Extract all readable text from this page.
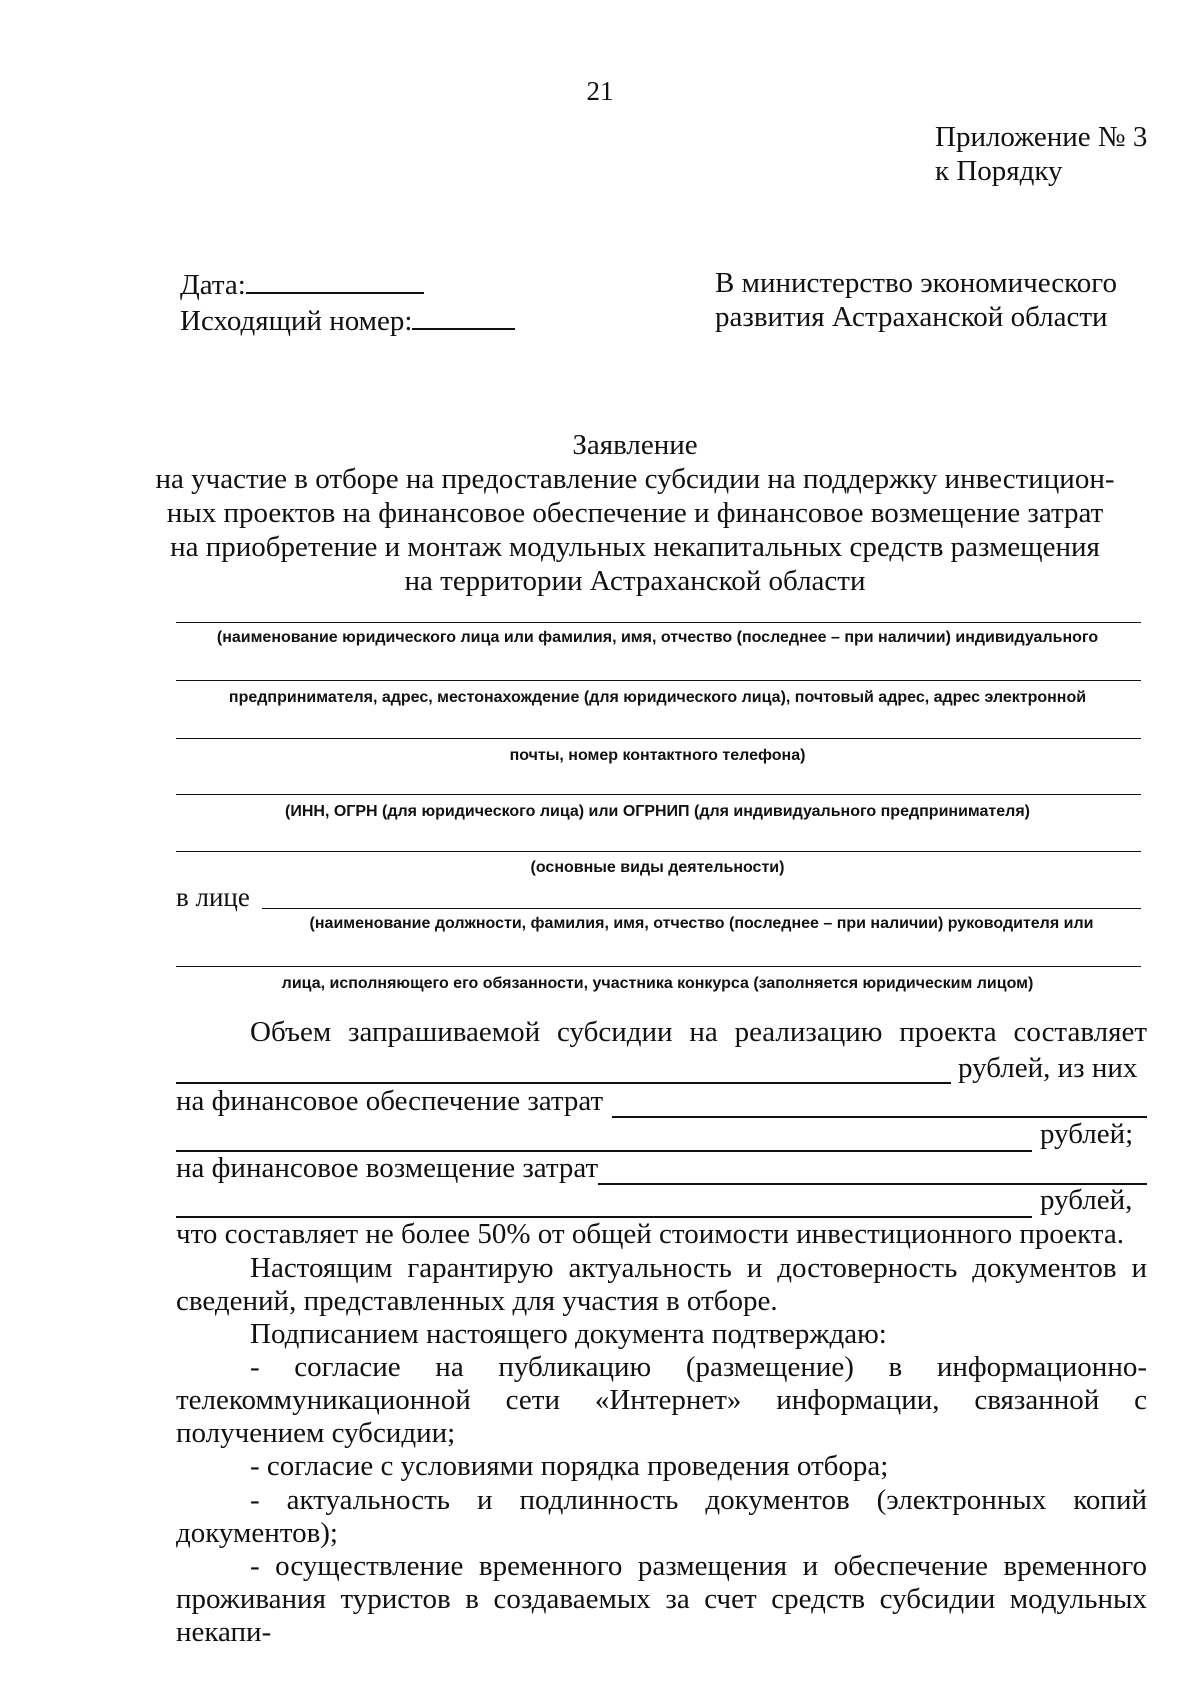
21
Приложение № 3
к Порядку
Дата:
Исходящий номер:
В министерство экономического
развития Астраханской области
Заявление
на участие в отборе на предоставление субсидии на поддержку инвестицион-
ных проектов на финансовое обеспечение и финансовое возмещение затрат
на приобретение и монтаж модульных некапитальных средств размещения
на территории Астраханской области
(наименование юридического лица или фамилия, имя, отчество (последнее – при наличии) индивидуального
предпринимателя, адрес, местонахождение (для юридического лица), почтовый адрес, адрес электронной
почты, номер контактного телефона)
(ИНН, ОГРН (для юридического лица) или ОГРНИП (для индивидуального предпринимателя)
(основные виды деятельности)
в лице
(наименование должности, фамилия, имя, отчество (последнее – при наличии) руководителя или
лица, исполняющего его обязанности, участника конкурса (заполняется юридическим лицом)
Объем запрашиваемой субсидии на реализацию проекта составляет
рублей, из них
на финансовое обеспечение затрат
рублей;
на финансовое возмещение затрат
рублей,
что составляет не более 50% от общей стоимости инвестиционного проекта.
Настоящим гарантирую актуальность и достоверность документов и сведений, представленных для участия в отборе.
Подписанием настоящего документа подтверждаю:
- согласие на публикацию (размещение) в информационно-телекоммуникационной сети «Интернет» информации, связанной с получением субсидии;
- согласие с условиями порядка проведения отбора;
- актуальность и подлинность документов (электронных копий документов);
- осуществление временного размещения и обеспечение временного проживания туристов в создаваемых за счет средств субсидии модульных некапи-
